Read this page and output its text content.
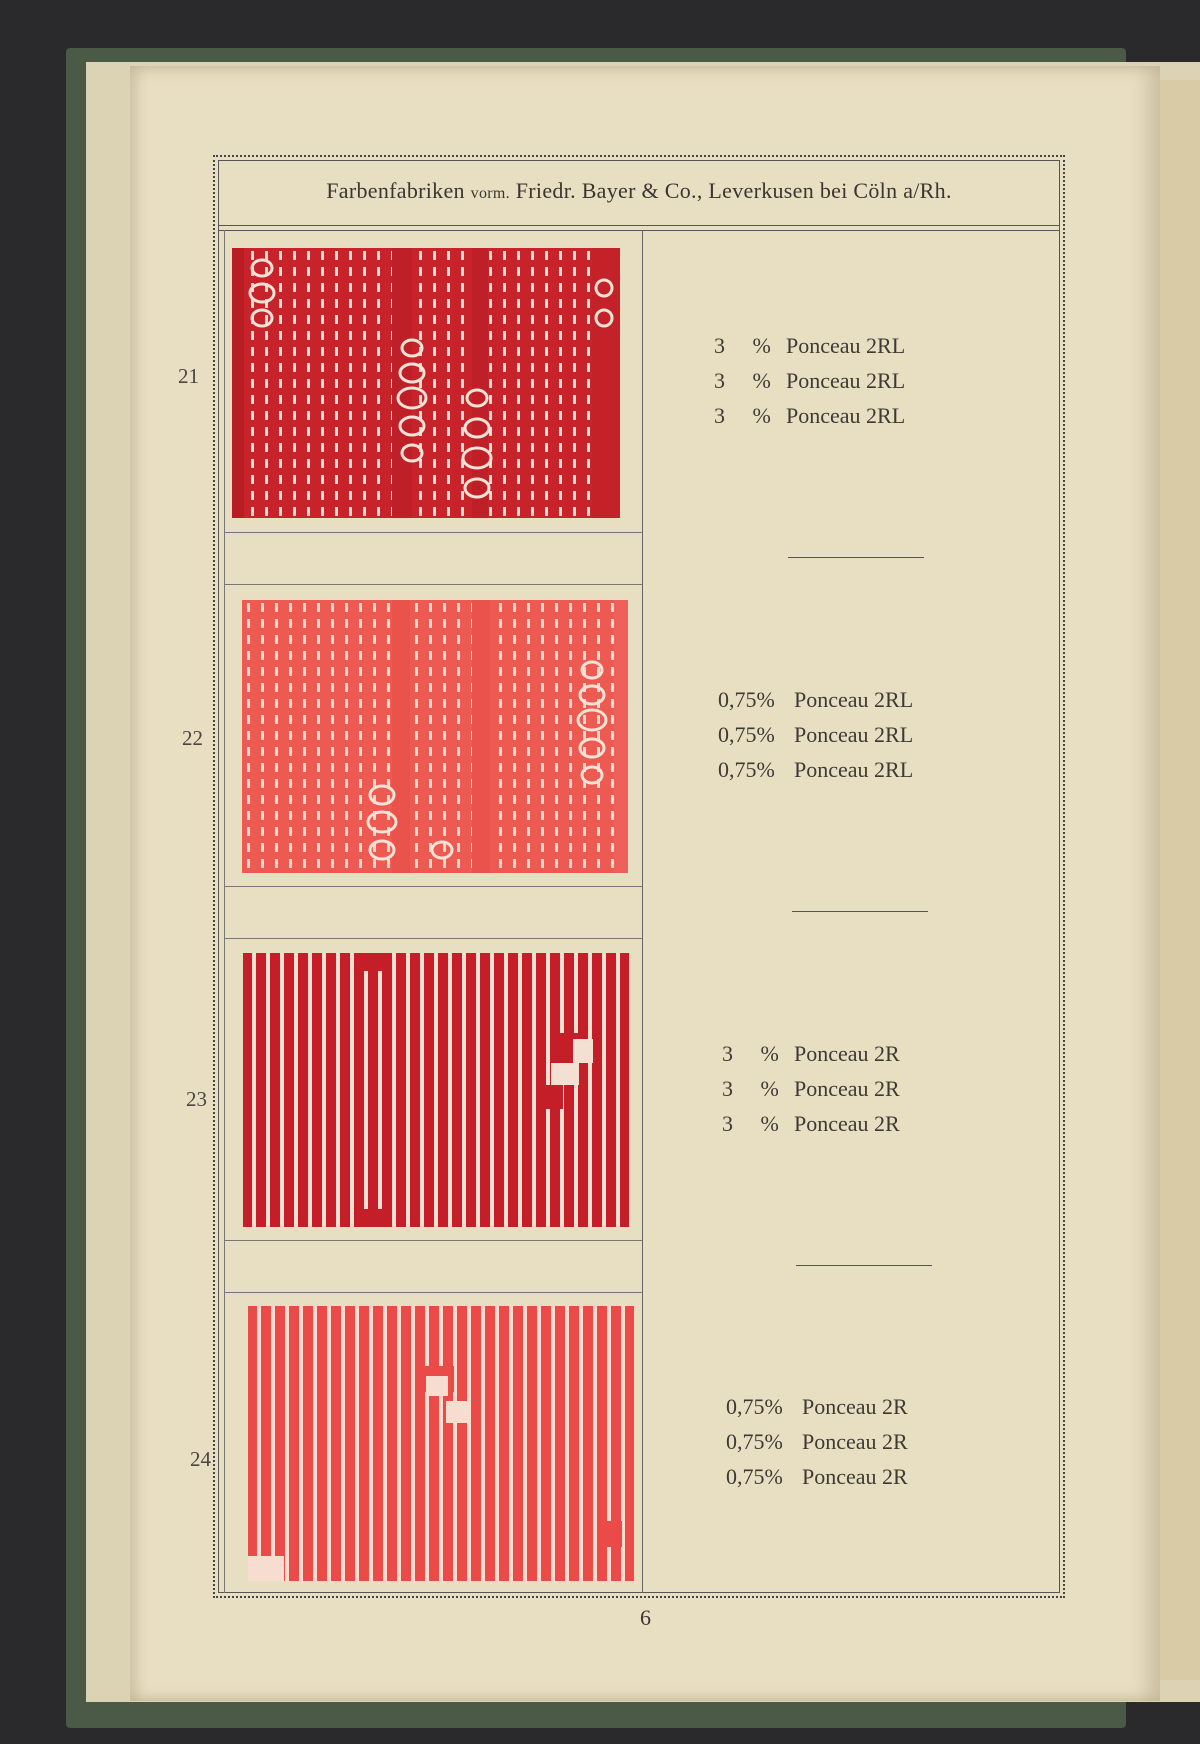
Farbenfabriken vorm. Friedr. Bayer & Co., Leverkusen bei Cöln a/Rh.
21
22
23
24
3 % Ponceau 2RL
3 % Ponceau 2RL
3 % Ponceau 2RL
0,75% Ponceau 2RL
0,75% Ponceau 2RL
0,75% Ponceau 2RL
3 % Ponceau 2R
3 % Ponceau 2R
3 % Ponceau 2R
0,75% Ponceau 2R
0,75% Ponceau 2R
0,75% Ponceau 2R
6
